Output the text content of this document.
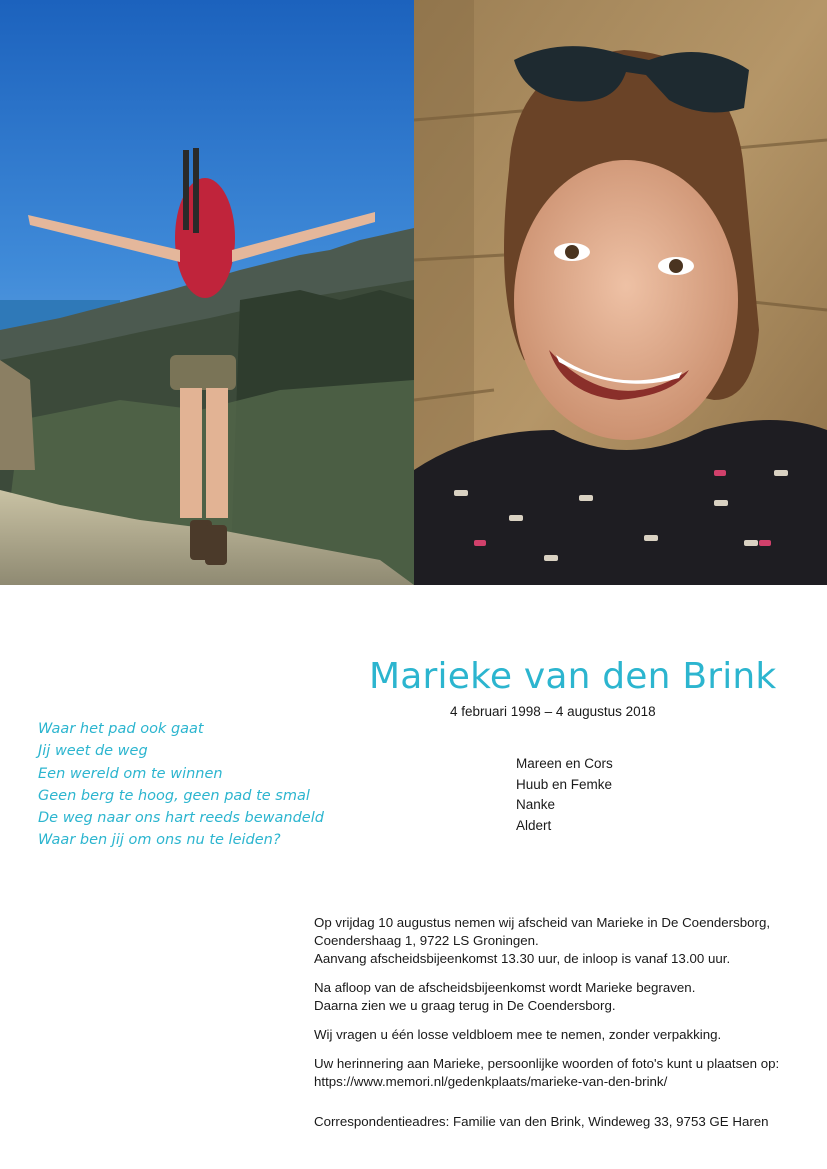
Marieke van den Brink
4 februari 1998 – 4 augustus 2018
Waar het pad ook gaat
Jij weet de weg
Een wereld om te winnen
Geen berg te hoog, geen pad te smal
De weg naar ons hart reeds bewandeld
Waar ben jij om ons nu te leiden?
Mareen en Cors
Huub en Femke
Nanke
Aldert

Op vrijdag 10 augustus nemen wij afscheid van Marieke in De Coendersborg,
Coendershaag 1, 9722 LS Groningen.
Aanvang afscheidsbijeenkomst 13.30 uur, de inloop is vanaf 13.00 uur.

Na afloop van de afscheidsbijeenkomst wordt Marieke begraven.
Daarna zien we u graag terug in De Coendersborg.

Wij vragen u één losse veldbloem mee te nemen, zonder verpakking.

Uw herinnering aan Marieke, persoonlijke woorden of foto's kunt u plaatsen op:
https://www.memori.nl/gedenkplaats/marieke-van-den-brink/

Correspondentieadres: Familie van den Brink, Windeweg 33, 9753 GE Haren
